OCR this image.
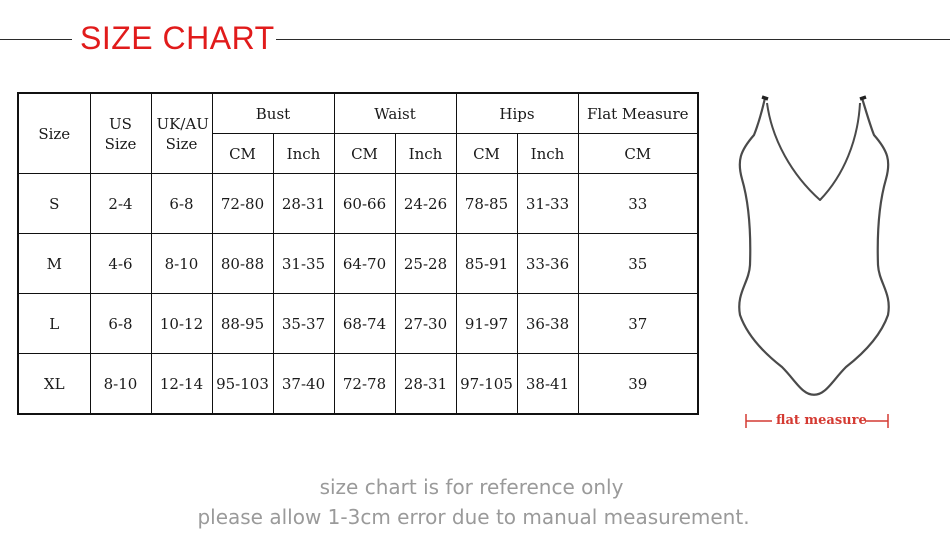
SIZE CHART
Size	US Size	UK/AU Size	Bust		Waist		Hips		Flat Measure
			CM	Inch	CM	Inch	CM	Inch	CM
S	2-4	6-8	72-80	28-31	60-66	24-26	78-85	31-33	33
M	4-6	8-10	80-88	31-35	64-70	25-28	85-91	33-36	35
L	6-8	10-12	88-95	35-37	68-74	27-30	91-97	36-38	37
XL	8-10	12-14	95-103	37-40	72-78	28-31	97-105	38-41	39
flat measure
size chart is for reference only
please allow 1-3cm error due to manual measurement.
